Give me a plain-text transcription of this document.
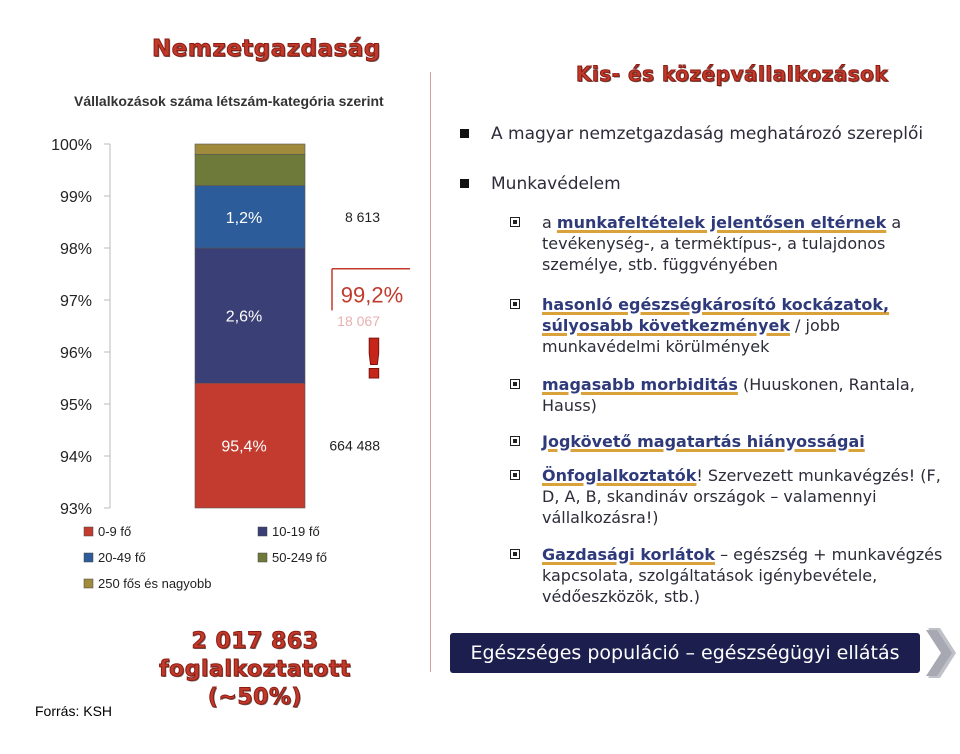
Nemzetgazdaság
Kis- és középvállalkozások
Vállalkozások száma létszám-kategória szerint
100%
99%
98%
97%
96%
95%
94%
93%
95,4%
2,6%
1,2%	8 613
18 067
664 488
99,2%
!
0-9 fő	10-19 fő
20-49 fő	50-249 fő
250 fős és nagyobb
2 017 863 foglalkoztatott
(~50%)
Forrás: KSH
A magyar nemzetgazdaság meghatározó szereplői
Munkavédelem
a munkafeltételek jelentősen eltérnek a tevékenység-, a terméktípus-, a tulajdonos személye, stb. függvényében
hasonló egészségkárosító kockázatok, súlyosabb következmények / jobb munkavédelmi körülmények
magasabb morbiditás (Huuskonen, Rantala, Hauss)
Jogkövető magatartás hiányosságai
Önfoglalkoztatók! Szervezett munkavégzés! (F, D, A, B, skandináv országok – valamennyi vállalkozásra!)
Gazdasági korlátok – egészség + munkavégzés kapcsolata, szolgáltatások igénybevétele, védőeszközök, stb.)
Egészséges populáció – egészségügyi ellátás
